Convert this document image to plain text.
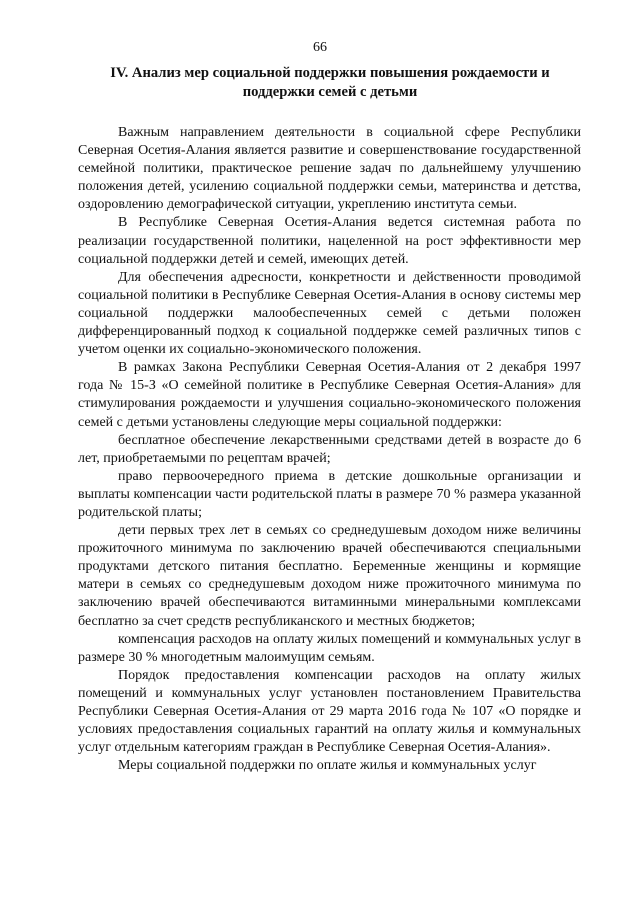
66
IV. Анализ мер социальной поддержки повышения рождаемости и поддержки семей с детьми

Важным направлением деятельности в социальной сфере Республики Северная Осетия-Алания является развитие и совершенствование государственной семейной политики, практическое решение задач по дальнейшему улучшению положения детей, усилению социальной поддержки семьи, материнства и детства, оздоровлению демографической ситуации, укреплению института семьи.

В Республике Северная Осетия-Алания ведется системная работа по реализации государственной политики, нацеленной на рост эффективности мер социальной поддержки детей и семей, имеющих детей.

Для обеспечения адресности, конкретности и действенности проводимой социальной политики в Республике Северная Осетия-Алания в основу системы мер социальной поддержки малообеспеченных семей с детьми положен дифференцированный подход к социальной поддержке семей различных типов с учетом оценки их социально-экономического положения.

В рамках Закона Республики Северная Осетия-Алания от 2 декабря 1997 года № 15-З «О семейной политике в Республике Северная Осетия-Алания» для стимулирования рождаемости и улучшения социально-экономического положения семей с детьми установлены следующие меры социальной поддержки:

бесплатное обеспечение лекарственными средствами детей в возрасте до 6 лет, приобретаемыми по рецептам врачей;

право первоочередного приема в детские дошкольные организации и выплаты компенсации части родительской платы в размере 70 % размера указанной родительской платы;

дети первых трех лет в семьях со среднедушевым доходом ниже величины прожиточного минимума по заключению врачей обеспечиваются специальными продуктами детского питания бесплатно. Беременные женщины и кормящие матери в семьях со среднедушевым доходом ниже прожиточного минимума по заключению врачей обеспечиваются витаминными минеральными комплексами бесплатно за счет средств республиканского и местных бюджетов;

компенсация расходов на оплату жилых помещений и коммунальных услуг в размере 30 % многодетным малоимущим семьям.

Порядок предоставления компенсации расходов на оплату жилых помещений и коммунальных услуг установлен постановлением Правительства Республики Северная Осетия-Алания от 29 марта 2016 года № 107 «О порядке и условиях предоставления социальных гарантий на оплату жилья и коммунальных услуг отдельным категориям граждан в Республике Северная Осетия-Алания».

Меры социальной поддержки по оплате жилья и коммунальных услуг
